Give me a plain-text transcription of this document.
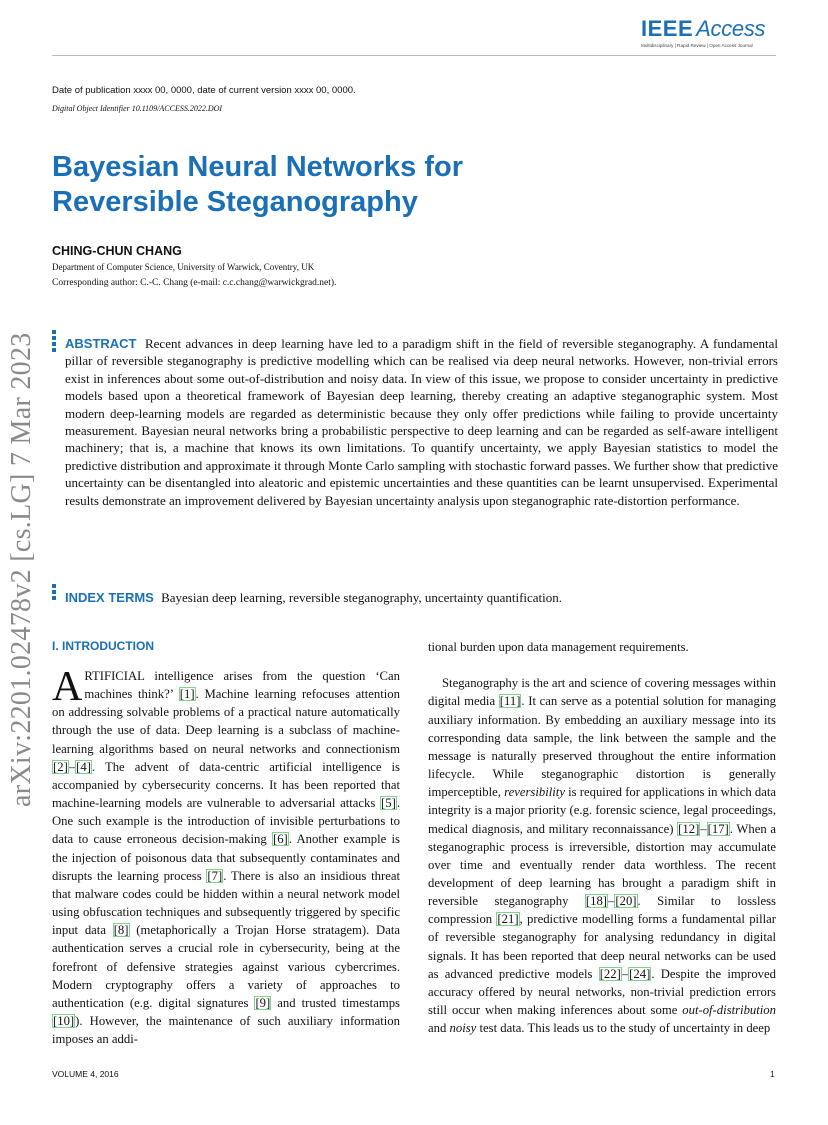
IEEE Access
Multidisciplinary | Rapid Review | Open Access Journal
Date of publication xxxx 00, 0000, date of current version xxxx 00, 0000.
Digital Object Identifier 10.1109/ACCESS.2022.DOI
Bayesian Neural Networks for
Reversible Steganography
CHING-CHUN CHANG
Department of Computer Science, University of Warwick, Coventry, UK
Corresponding author: C.-C. Chang (e-mail: c.c.chang@warwickgrad.net).
arXiv:2201.02478v2 [cs.LG] 7 Mar 2023	ABSTRACT Recent advances in deep learning have led to a paradigm shift in the field of reversible steganography. A fundamental pillar of reversible steganography is predictive modelling which can be realised via deep neural networks. However, non-trivial errors exist in inferences about some out-of-distribution and noisy data. In view of this issue, we propose to consider uncertainty in predictive models based upon a theoretical framework of Bayesian deep learning, thereby creating an adaptive steganographic system. Most modern deep-learning models are regarded as deterministic because they only offer predictions while failing to provide uncertainty measurement. Bayesian neural networks bring a probabilistic perspective to deep learning and can be regarded as self-aware intelligent machinery; that is, a machine that knows its own limitations. To quantify uncertainty, we apply Bayesian statistics to model the predictive distribution and approximate it through Monte Carlo sampling with stochastic forward passes. We further show that predictive uncertainty can be disentangled into aleatoric and epistemic uncertainties and these quantities can be learnt unsupervised. Experimental results demonstrate an improvement delivered by Bayesian uncertainty analysis upon steganographic rate-distortion performance.

INDEX TERMS Bayesian deep learning, reversible steganography, uncertainty quantification.

I. INTRODUCTION

ARTIFICIAL intelligence arises from the question ‘Can machines think?’ [1]. Machine learning refocuses attention on addressing solvable problems of a practical nature automatically through the use of data. Deep learning is a subclass of machine-learning algorithms based on neural networks and connectionism [2]–[4]. The advent of data-centric artificial intelligence is accompanied by cybersecurity concerns. It has been reported that machine-learning models are vulnerable to adversarial attacks [5]. One such example is the introduction of invisible perturbations to data to cause erroneous decision-making [6]. Another example is the injection of poisonous data that subsequently contaminates and disrupts the learning process [7]. There is also an insidious threat that malware codes could be hidden within a neural network model using obfuscation techniques and subsequently triggered by specific input data [8] (metaphorically a Trojan Horse stratagem). Data authentication serves a crucial role in cybersecurity, being at the forefront of defensive strategies against various cybercrimes. Modern cryptography offers a variety of approaches to authentication (e.g. digital signatures [9] and trusted timestamps [10]). However, the maintenance of such auxiliary information imposes an addi-

tional burden upon data management requirements.

Steganography is the art and science of covering messages within digital media [11]. It can serve as a potential solution for managing auxiliary information. By embedding an auxiliary message into its corresponding data sample, the link between the sample and the message is naturally preserved throughout the entire information lifecycle. While steganographic distortion is generally imperceptible, reversibility is required for applications in which data integrity is a major priority (e.g. forensic science, legal proceedings, medical diagnosis, and military reconnaissance) [12]–[17]. When a steganographic process is irreversible, distortion may accumulate over time and eventually render data worthless. The recent development of deep learning has brought a paradigm shift in reversible steganography [18]–[20]. Similar to lossless compression [21], predictive modelling forms a fundamental pillar of reversible steganography for analysing redundancy in digital signals. It has been reported that deep neural networks can be used as advanced predictive models [22]–[24]. Despite the improved accuracy offered by neural networks, non-trivial prediction errors still occur when making inferences about some out-of-distribution and noisy test data. This leads us to the study of uncertainty in deep

VOLUME 4, 2016	1
